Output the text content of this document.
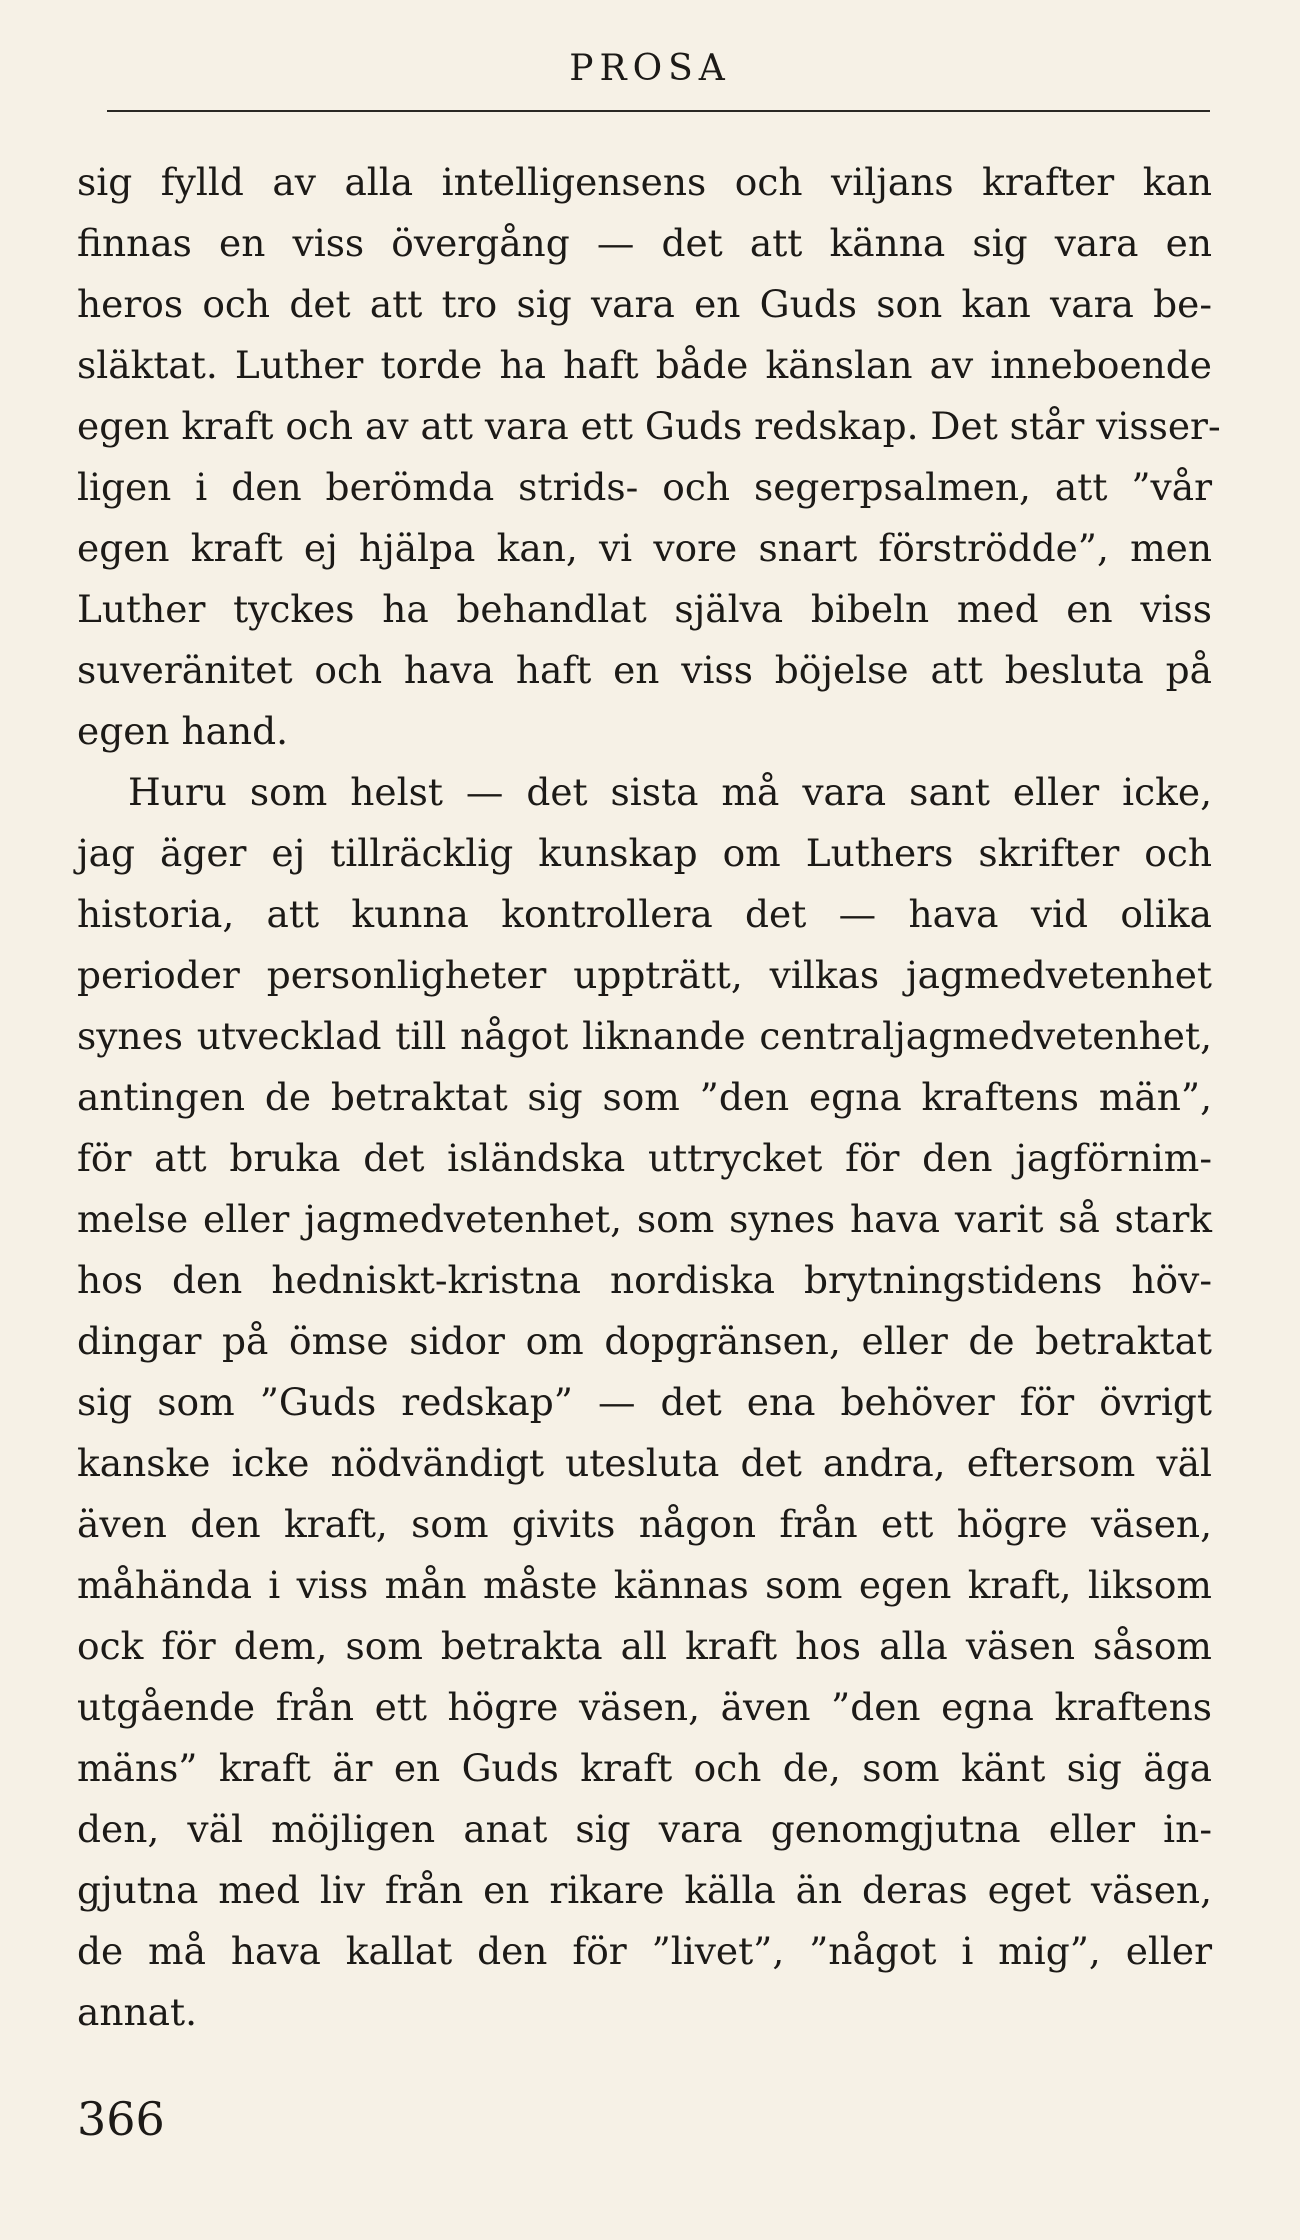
PROSA
sig fylld av alla intelligensens och viljans krafter kan
finnas en viss övergång — det att känna sig vara en
heros och det att tro sig vara en Guds son kan vara be-
släktat. Luther torde ha haft både känslan av inneboende
egen kraft och av att vara ett Guds redskap. Det står visser-
ligen i den berömda strids- och segerpsalmen, att ”vår
egen kraft ej hjälpa kan, vi vore snart förströdde”, men
Luther tyckes ha behandlat själva bibeln med en viss
suveränitet och hava haft en viss böjelse att besluta på
egen hand.
Huru som helst — det sista må vara sant eller icke,
jag äger ej tillräcklig kunskap om Luthers skrifter och
historia, att kunna kontrollera det — hava vid olika
perioder personligheter uppträtt, vilkas jagmedvetenhet
synes utvecklad till något liknande centraljagmedvetenhet,
antingen de betraktat sig som ”den egna kraftens män”,
för att bruka det isländska uttrycket för den jagförnim-
melse eller jagmedvetenhet, som synes hava varit så stark
hos den hedniskt-kristna nordiska brytningstidens höv-
dingar på ömse sidor om dopgränsen, eller de betraktat
sig som ”Guds redskap” — det ena behöver för övrigt
kanske icke nödvändigt utesluta det andra, eftersom väl
även den kraft, som givits någon från ett högre väsen,
måhända i viss mån måste kännas som egen kraft, liksom
ock för dem, som betrakta all kraft hos alla väsen såsom
utgående från ett högre väsen, även ”den egna kraftens
mäns” kraft är en Guds kraft och de, som känt sig äga
den, väl möjligen anat sig vara genomgjutna eller in-
gjutna med liv från en rikare källa än deras eget väsen,
de må hava kallat den för ”livet”, ”något i mig”, eller
annat.
366
